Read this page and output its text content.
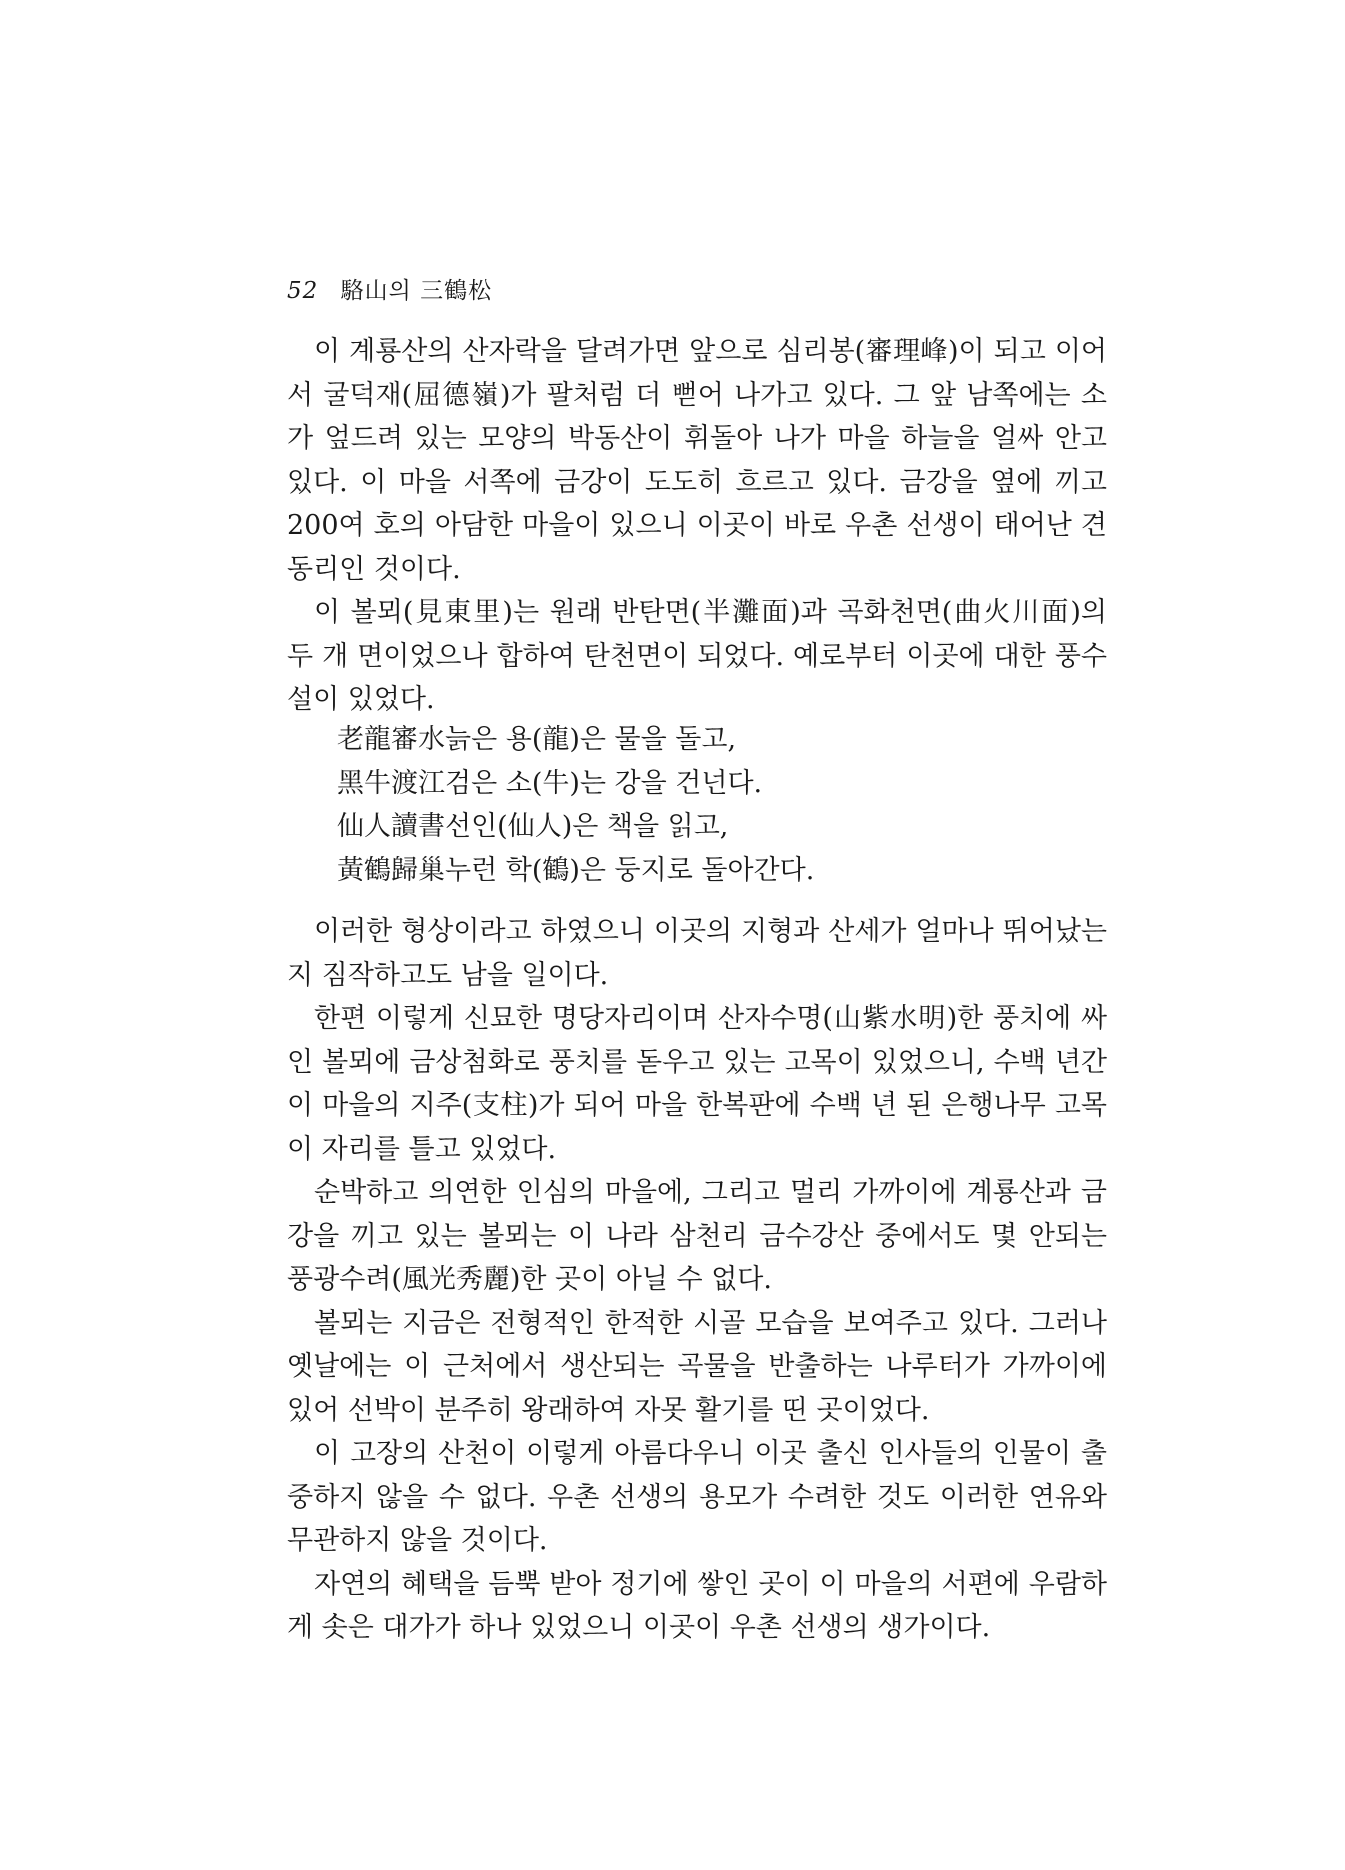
52 駱山의 三鶴松

이 계룡산의 산자락을 달려가면 앞으로 심리봉(審理峰)이 되고 이어서 굴덕재(屈德嶺)가 팔처럼 더 뻗어 나가고 있다. 그 앞 남쪽에는 소가 엎드려 있는 모양의 박동산이 휘돌아 나가 마을 하늘을 얼싸 안고 있다. 이 마을 서쪽에 금강이 도도히 흐르고 있다. 금강을 옆에 끼고 200여 호의 아담한 마을이 있으니 이곳이 바로 우촌 선생이 태어난 견동리인 것이다.

이 볼뫼(見東里)는 원래 반탄면(半灘面)과 곡화천면(曲火川面)의 두 개 면이었으나 합하여 탄천면이 되었다. 예로부터 이곳에 대한 풍수설이 있었다.

老龍審水 늙은 용(龍)은 물을 돌고,
黑牛渡江 검은 소(牛)는 강을 건넌다.
仙人讀書 선인(仙人)은 책을 읽고,
黃鶴歸巢 누런 학(鶴)은 둥지로 돌아간다.

이러한 형상이라고 하였으니 이곳의 지형과 산세가 얼마나 뛰어났는지 짐작하고도 남을 일이다.

한편 이렇게 신묘한 명당자리이며 산자수명(山紫水明)한 풍치에 싸인 볼뫼에 금상첨화로 풍치를 돋우고 있는 고목이 있었으니, 수백 년간 이 마을의 지주(支柱)가 되어 마을 한복판에 수백 년 된 은행나무 고목이 자리를 틀고 있었다.

순박하고 의연한 인심의 마을에, 그리고 멀리 가까이에 계룡산과 금강을 끼고 있는 볼뫼는 이 나라 삼천리 금수강산 중에서도 몇 안되는 풍광수려(風光秀麗)한 곳이 아닐 수 없다.

볼뫼는 지금은 전형적인 한적한 시골 모습을 보여주고 있다. 그러나 옛날에는 이 근처에서 생산되는 곡물을 반출하는 나루터가 가까이에 있어 선박이 분주히 왕래하여 자못 활기를 띤 곳이었다.

이 고장의 산천이 이렇게 아름다우니 이곳 출신 인사들의 인물이 출중하지 않을 수 없다. 우촌 선생의 용모가 수려한 것도 이러한 연유와 무관하지 않을 것이다.

자연의 혜택을 듬뿍 받아 정기에 쌓인 곳이 이 마을의 서편에 우람하게 솟은 대가가 하나 있었으니 이곳이 우촌 선생의 생가이다.
